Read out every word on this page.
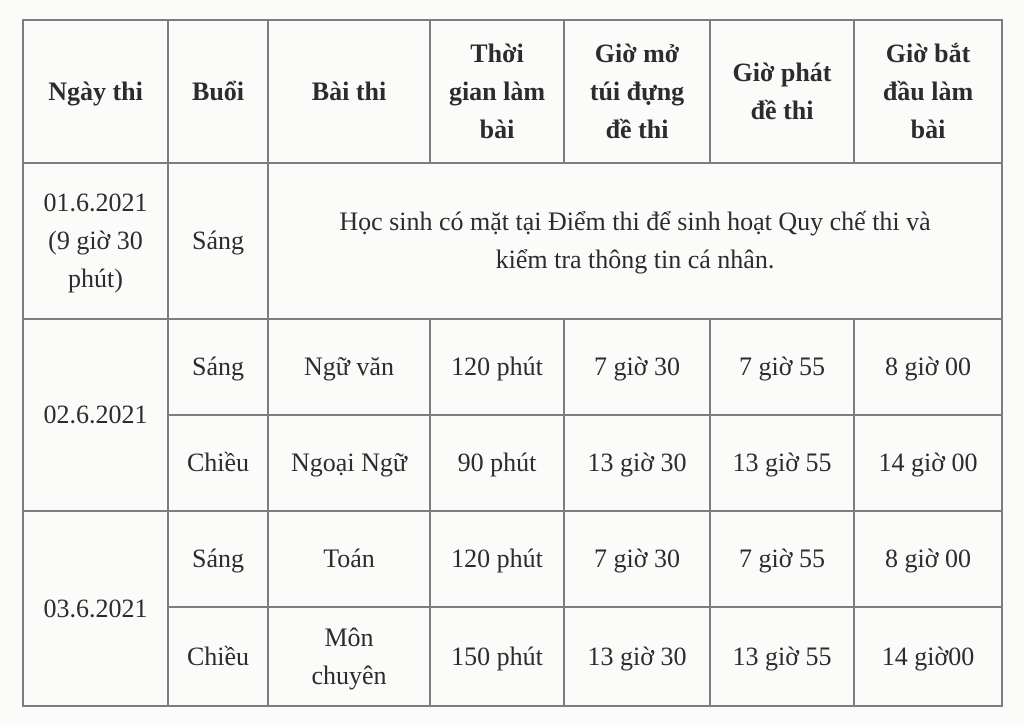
Ngày thi	Buổi	Bài thi	Thời
gian làm
bài	Giờ mở
túi đựng
đề thi	Giờ phát
đề thi	Giờ bắt
đầu làm
bài
01.6.2021
(9 giờ 30
phút)	Sáng	Học sinh có mặt tại Điểm thi để sinh hoạt Quy chế thi và
kiểm tra thông tin cá nhân.				
02.6.2021	Sáng	Ngữ văn	120 phút	7 giờ 30	7 giờ 55	8 giờ 00
	Chiều	Ngoại Ngữ	90 phút	13 giờ 30	13 giờ 55	14 giờ 00
03.6.2021	Sáng	Toán	120 phút	7 giờ 30	7 giờ 55	8 giờ 00
	Chiều	Môn
chuyên	150 phút	13 giờ 30	13 giờ 55	14 giờ00
